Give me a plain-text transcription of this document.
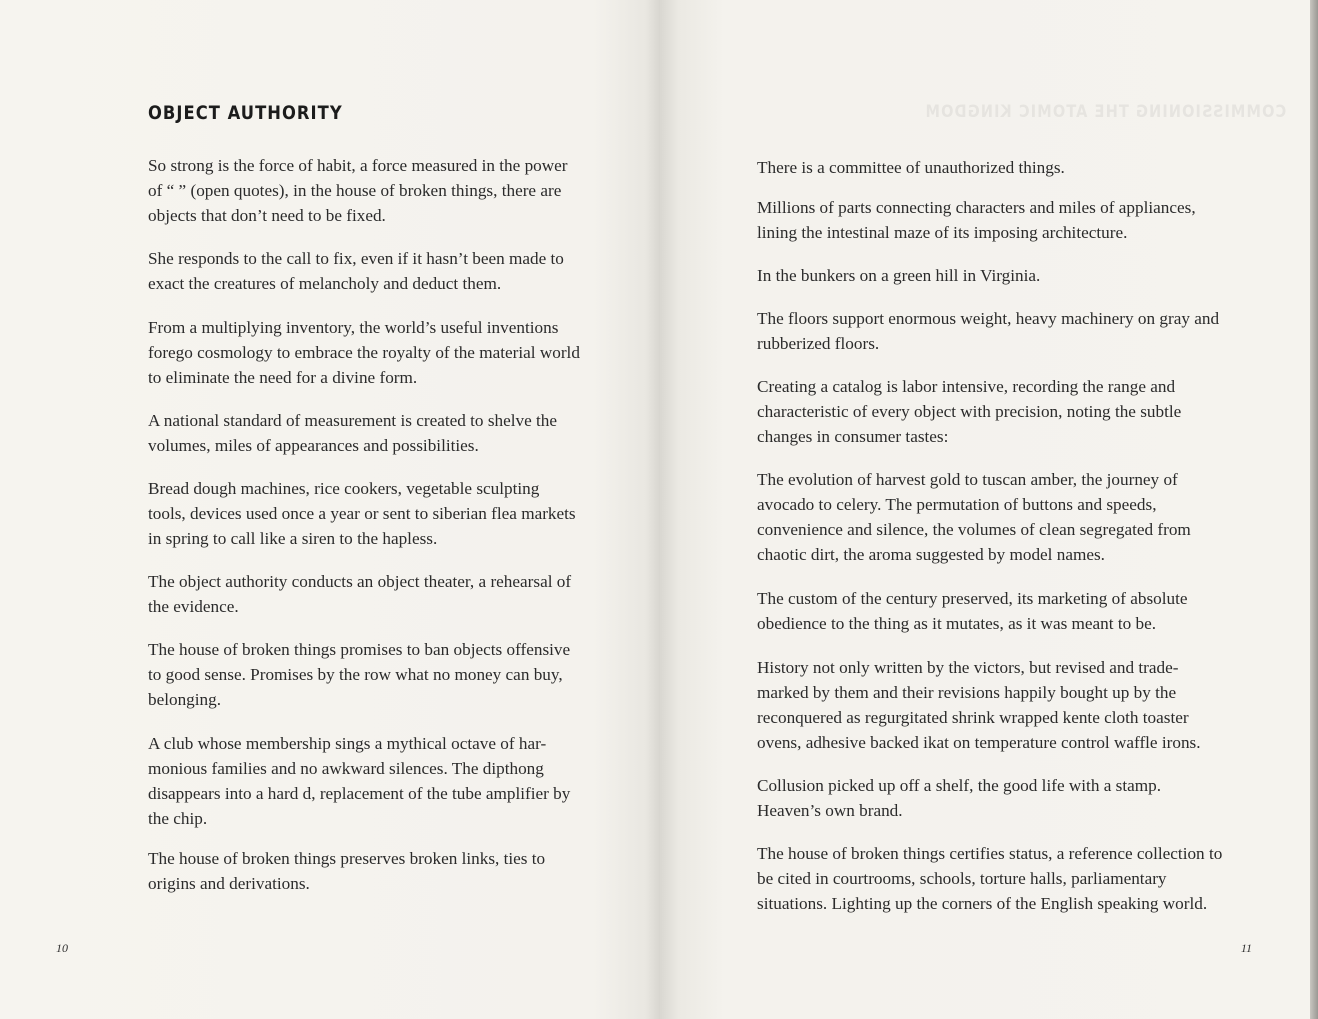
OBJECT AUTHORITY

So strong is the force of habit, a force measured in the power of “ ” (open quotes), in the house of broken things, there are objects that don’t need to be fixed.

She responds to the call to fix, even if it hasn’t been made to exact the creatures of melancholy and deduct them.

From a multiplying inventory, the world’s useful inventions forego cosmology to embrace the royalty of the material world to eliminate the need for a divine form.

A national standard of measurement is created to shelve the volumes, miles of appearances and possibilities.

Bread dough machines, rice cookers, vegetable sculpting tools, devices used once a year or sent to siberian flea markets in spring to call like a siren to the hapless.

The object authority conducts an object theater, a rehearsal of the evidence.

The house of broken things promises to ban objects offensive to good sense. Promises by the row what no money can buy, belonging.

A club whose membership sings a mythical octave of har-monious families and no awkward silences. The dipthong disappears into a hard d, replacement of the tube amplifier by the chip.

The house of broken things preserves broken links, ties to origins and derivations.

10
COMMISSIONING THE ATOMIC KINGDOM

There is a committee of unauthorized things.

Millions of parts connecting characters and miles of appliances, lining the intestinal maze of its imposing architecture.

In the bunkers on a green hill in Virginia.

The floors support enormous weight, heavy machinery on gray and rubberized floors.

Creating a catalog is labor intensive, recording the range and characteristic of every object with precision, noting the subtle changes in consumer tastes:

The evolution of harvest gold to tuscan amber, the journey of avocado to celery. The permutation of buttons and speeds, convenience and silence, the volumes of clean segregated from chaotic dirt, the aroma suggested by model names.

The custom of the century preserved, its marketing of absolute obedience to the thing as it mutates, as it was meant to be.

History not only written by the victors, but revised and trade-marked by them and their revisions happily bought up by the reconquered as regurgitated shrink wrapped kente cloth toaster ovens, adhesive backed ikat on temperature control waffle irons.

Collusion picked up off a shelf, the good life with a stamp. Heaven’s own brand.

The house of broken things certifies status, a reference collection to be cited in courtrooms, schools, torture halls, parliamentary situations. Lighting up the corners of the English speaking world.

11
